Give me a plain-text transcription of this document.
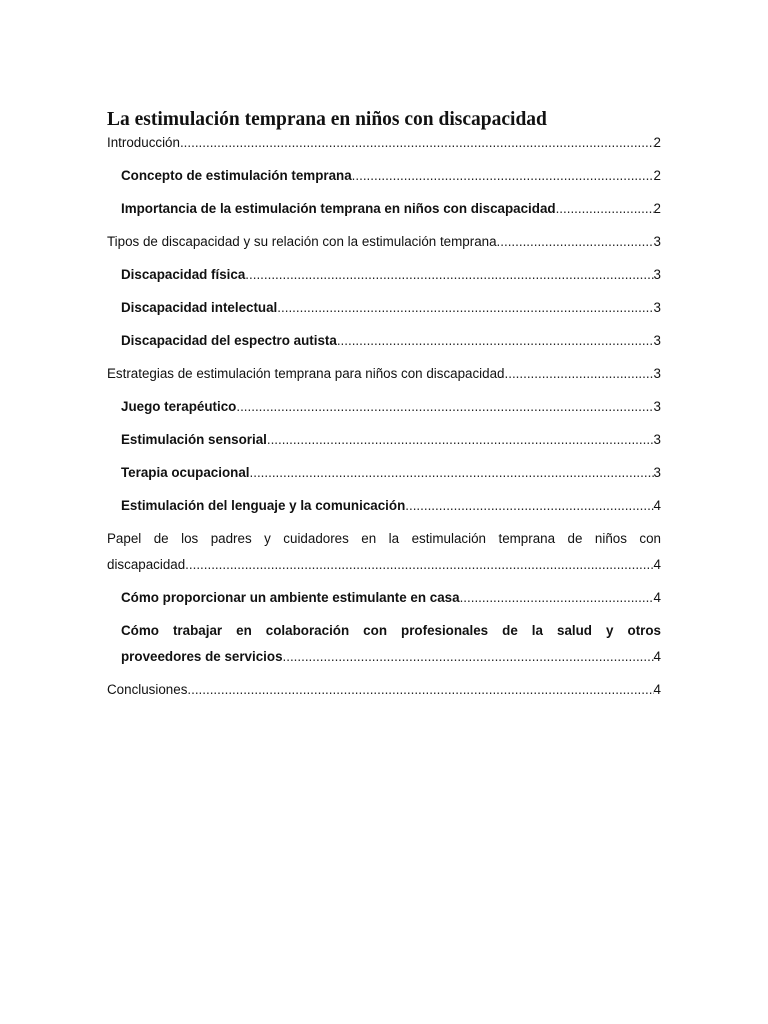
La estimulación temprana en niños con discapacidad
Introducción .....	2
Concepto de estimulación temprana .....	2
Importancia de la estimulación temprana en niños con discapacidad .....	2
Tipos de discapacidad y su relación con la estimulación temprana .....	3
Discapacidad física .....	3
Discapacidad intelectual .....	3
Discapacidad del espectro autista .....	3
Estrategias de estimulación temprana para niños con discapacidad .....	3
Juego terapéutico .....	3
Estimulación sensorial .....	3
Terapia ocupacional .....	3
Estimulación del lenguaje y la comunicación .....	4
Papel de los padres y cuidadores en la estimulación temprana de niños con
discapacidad .....	4
Cómo proporcionar un ambiente estimulante en casa .....	4
Cómo trabajar en colaboración con profesionales de la salud y otros
proveedores de servicios .....	4
Conclusiones .....	4
